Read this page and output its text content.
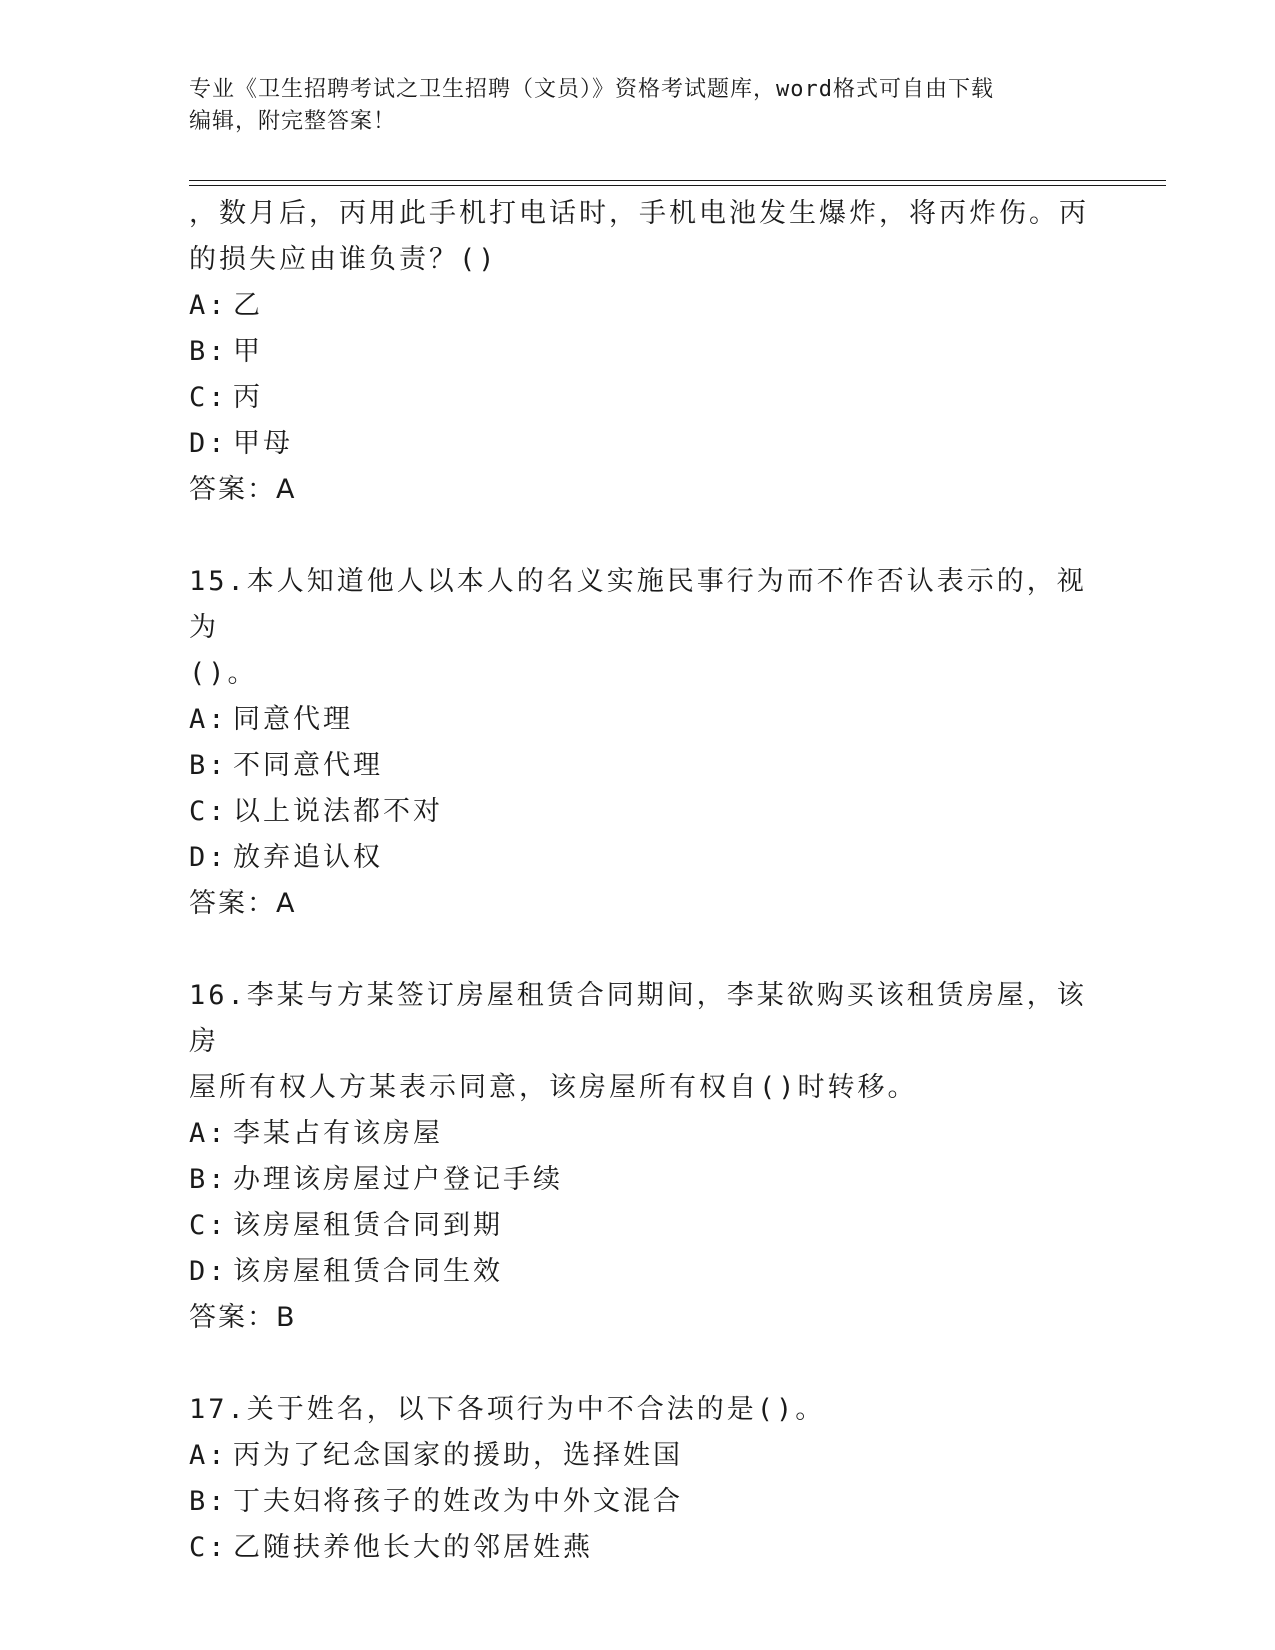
专业《卫生招聘考试之卫生招聘（文员）》资格考试题库，word格式可自由下载
编辑，附完整答案！
，数月后，丙用此手机打电话时，手机电池发生爆炸，将丙炸伤。丙
的损失应由谁负责？()
A: 乙
B: 甲
C: 丙
D: 甲母
答案：A
15.本人知道他人以本人的名义实施民事行为而不作否认表示的，视为
()。
A: 同意代理
B: 不同意代理
C: 以上说法都不对
D: 放弃追认权
答案：A
16.李某与方某签订房屋租赁合同期间，李某欲购买该租赁房屋，该房
屋所有权人方某表示同意，该房屋所有权自()时转移。
A: 李某占有该房屋
B: 办理该房屋过户登记手续
C: 该房屋租赁合同到期
D: 该房屋租赁合同生效
答案：B
17.关于姓名，以下各项行为中不合法的是()。
A: 丙为了纪念国家的援助，选择姓国
B: 丁夫妇将孩子的姓改为中外文混合
C: 乙随扶养他长大的邻居姓燕
